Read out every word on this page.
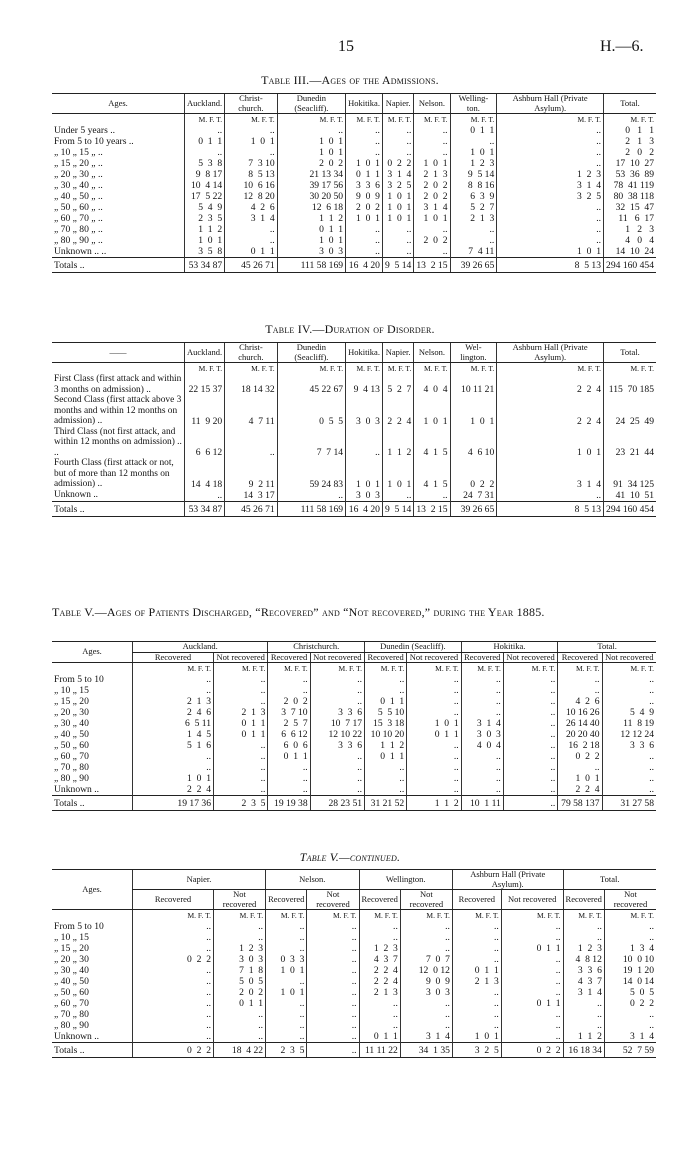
15	H.—6.
Table III.—Ages of the Admissions.
Ages.	Auckland.	Christ-church.	Dunedin (Seacliff).	Hokitika.	Napier.	Nelson.	Welling-ton.	Ashburn Hall (Private Asylum).	Total.
	M. F. T.	M. F. T.	M. F. T.	M. F. T.	M. F. T.	M. F. T.	M. F. T.	M. F. T.	M. F. T.
Under 5 years ..	..	..	..	..	..	..	0  1  1	..	0   1   1
From 5 to 10 years ..	0  1  1	1  0  1	1  0  1	..	..	..	..	..	2   1   3
„ 10 „ 15 „ ..	..	..	1  0  1	..	..	..	1  0  1	..	2   0   2
„ 15 „ 20 „ ..	5  3  8	7  3 10	2  0  2	1  0  1	0  2  2	1  0  1	1  2  3	..	17  10  27
„ 20 „ 30 „ ..	9  8 17	8  5 13	21 13 34	0  1  1	3  1  4	2  1  3	9  5 14	1  2  3	53  36  89
„ 30 „ 40 „ ..	10  4 14	10  6 16	39 17 56	3  3  6	3  2  5	2  0  2	8  8 16	3  1  4	78  41 119
„ 40 „ 50 „ ..	17  5 22	12  8 20	30 20 50	9  0  9	1  0  1	2  0  2	6  3  9	3  2  5	80  38 118
„ 50 „ 60 „ ..	5  4  9	4  2  6	12  6 18	2  0  2	1  0  1	3  1  4	5  2  7	..	32  15  47
„ 60 „ 70 „ ..	2  3  5	3  1  4	1  1  2	1  0  1	1  0  1	1  0  1	2  1  3	..	11   6  17
„ 70 „ 80 „ ..	1  1  2	..	0  1  1	..	..	..	..	..	1   2   3
„ 80 „ 90 „ ..	1  0  1	..	1  0  1	..	..	2  0  2	..	..	4   0   4
Unknown .. ..	3  5  8	0  1  1	3  0  3	..	..	..	7  4 11	1  0  1	14  10  24
Totals ..	53 34 87	45 26 71	111 58 169	16  4 20	9  5 14	13  2 15	39 26 65	8  5 13	294 160 454
Table IV.—Duration of Disorder.
——	Auckland.	Christ-church.	Dunedin (Seacliff).	Hokitika.	Napier.	Nelson.	Wel-lington.	Ashburn Hall (Private Asylum).	Total.
	M. F. T.	M. F. T.	M. F. T.	M. F. T.	M. F. T.	M. F. T.	M. F. T.	M. F. T.	M. F. T.
First Class (first attack and within 3 months on admission) ..	22 15 37	18 14 32	45 22 67	9  4 13	5  2  7	4  0  4	10 11 21	2  2  4	115  70 185
Second Class (first attack above 3 months and within 12 months on admission) ..	11  9 20	4  7 11	0  5  5	3  0  3	2  2  4	1  0  1	1  0  1	2  2  4	24  25  49
Third Class (not first attack, and within 12 months on admission) .. ..	6  6 12	..	7  7 14	..	1  1  2	4  1  5	4  6 10	1  0  1	23  21  44
Fourth Class (first attack or not, but of more than 12 months on admission) ..	14  4 18	9  2 11	59 24 83	1  0  1	1  0  1	4  1  5	0  2  2	3  1  4	91  34 125
Unknown ..	..	14  3 17	..	3  0  3	..	..	24  7 31	..	41  10  51
Totals ..	53 34 87	45 26 71	111 58 169	16  4 20	9  5 14	13  2 15	39 26 65	8  5 13	294 160 454
Table V.—Ages of Patients Discharged, “Recovered” and “Not recovered,” during the Year 1885.
Ages.	Auckland.		Christchurch.		Dunedin (Seacliff).		Hokitika.		Total.	
	Recovered	Not recovered	Recovered	Not recovered	Recovered	Not recovered	Recovered	Not recovered	Recovered	Not recovered
	M. F. T.	M. F. T.	M. F. T.	M. F. T.	M. F. T.	M. F. T.	M. F. T.	M. F. T.	M. F. T.	M. F. T.
From 5 to 10	..	..	..	..	..	..	..	..	..	..
„ 10 „ 15	..	..	..	..	..	..	..	..	..	..
„ 15 „ 20	2  1  3	..	2  0  2	..	0  1  1	..	..	..	4  2  6	..
„ 20 „ 30	2  4  6	2  1  3	3  7 10	3  3  6	5  5 10	..	..	..	10 16 26	5  4  9
„ 30 „ 40	6  5 11	0  1  1	2  5  7	10  7 17	15  3 18	1  0  1	3  1  4	..	26 14 40	11  8 19
„ 40 „ 50	1  4  5	0  1  1	6  6 12	12 10 22	10 10 20	0  1  1	3  0  3	..	20 20 40	12 12 24
„ 50 „ 60	5  1  6	..	6  0  6	3  3  6	1  1  2	..	4  0  4	..	16  2 18	3  3  6
„ 60 „ 70	..	..	0  1  1	..	0  1  1	..	..	..	0  2  2	..
„ 70 „ 80	..	..	..	..	..	..	..	..	..	..
„ 80 „ 90	1  0  1	..	..	..	..	..	..	..	1  0  1	..
Unknown ..	2  2  4	..	..	..	..	..	..	..	2  2  4	..
Totals ..	19 17 36	2  3  5	19 19 38	28 23 51	31 21 52	1  1  2	10  1 11	..	79 58 137	31 27 58
Table V.—continued.
Ages.	Napier.		Nelson.		Wellington.		Ashburn Hall (Private Asylum).		Total.	
	Recovered	Not recovered	Recovered	Not recovered	Recovered	Not recovered	Recovered	Not recovered	Recovered	Not recovered
	M. F. T.	M. F. T.	M. F. T.	M. F. T.	M. F. T.	M. F. T.	M. F. T.	M. F. T.	M. F. T.	M. F. T.
From 5 to 10	..	..	..	..	..	..	..	..	..	..
„ 10 „ 15	..	..	..	..	..	..	..	..	..	..
„ 15 „ 20	..	1  2  3	..	..	1  2  3	..	..	0  1  1	1  2  3	1  3  4
„ 20 „ 30	0  2  2	3  0  3	0  3  3	..	4  3  7	7  0  7	..	..	4  8 12	10  0 10
„ 30 „ 40	..	7  1  8	1  0  1	..	2  2  4	12  0 12	0  1  1	..	3  3  6	19  1 20
„ 40 „ 50	..	5  0  5	..	..	2  2  4	9  0  9	2  1  3	..	4  3  7	14  0 14
„ 50 „ 60	..	2  0  2	1  0  1	..	2  1  3	3  0  3	..	..	3  1  4	5  0  5
„ 60 „ 70	..	0  1  1	..	..	..	..	..	0  1  1	..	0  2  2
„ 70 „ 80	..	..	..	..	..	..	..	..	..	..
„ 80 „ 90	..	..	..	..	..	..	..	..	..	..
Unknown ..	..	..	..	..	0  1  1	3  1  4	1  0  1	..	1  1  2	3  1  4
Totals ..	0  2  2	18  4 22	2  3  5	..	11 11 22	34  1 35	3  2  5	0  2  2	16 18 34	52  7 59
